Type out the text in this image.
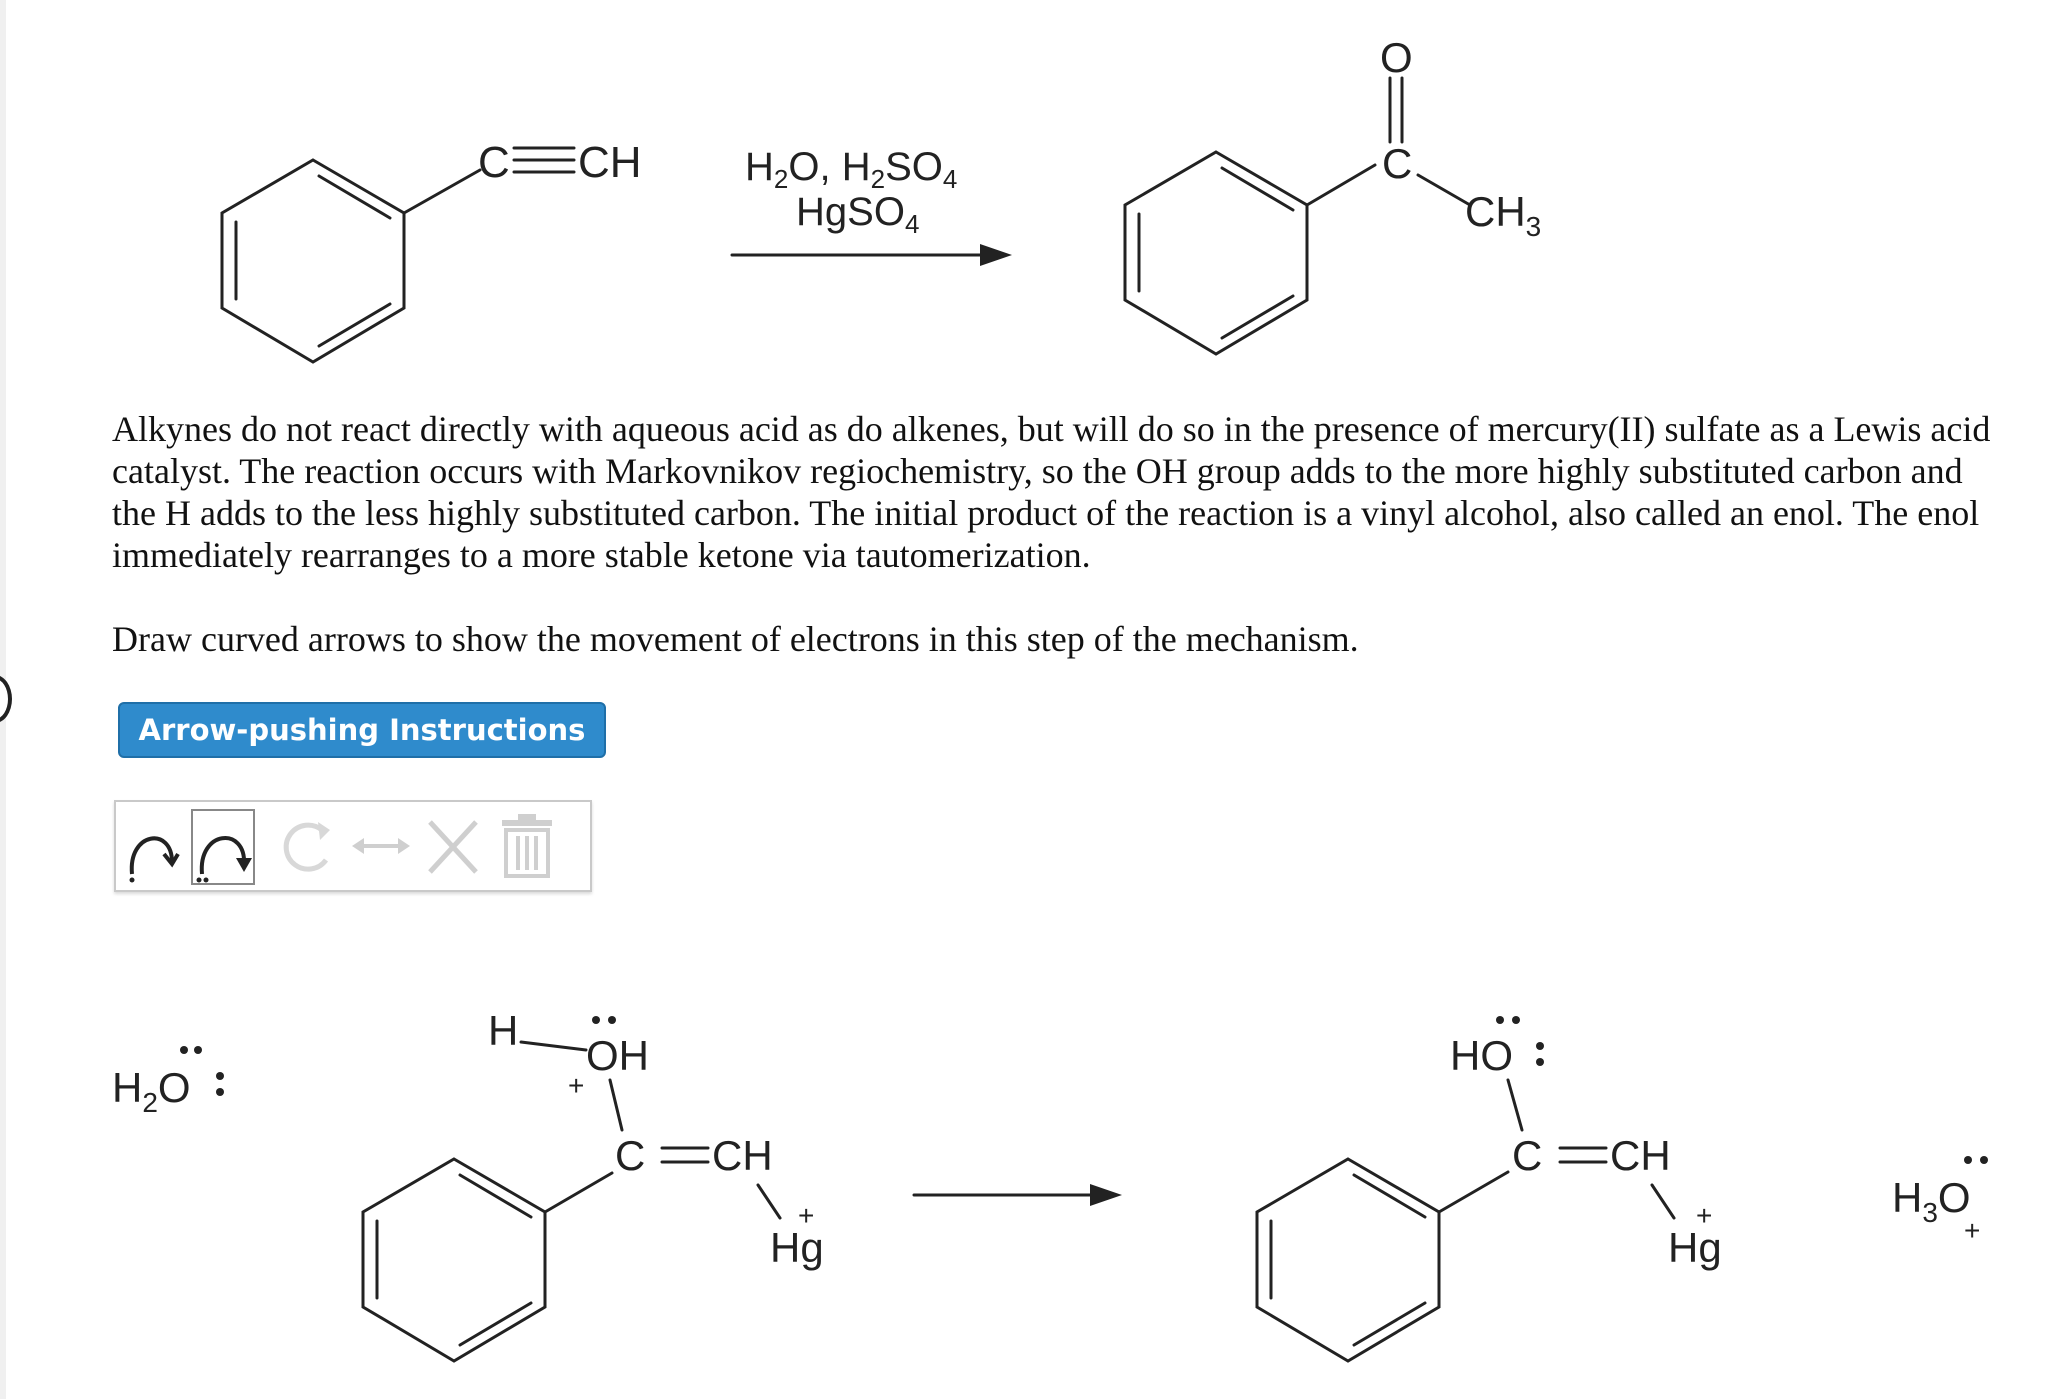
C CH	$H_2O$, $H_2SO_4$
HgSO$_4$
O
C
$CH_3$
$H_2O$
H
OH
+
C CH
Hg
+
HO
C CH
Hg
+	$H_3O$
+

Alkynes do not react directly with aqueous acid as do alkenes, but will do so in the presence of mercury(II) sulfate as a Lewis acid catalyst. The reaction occurs with Markovnikov regiochemistry, so the OH group adds to the more highly substituted carbon and the H adds to the less highly substituted carbon. The initial product of the reaction is a vinyl alcohol, also called an enol. The enol immediately rearranges to a more stable ketone via tautomerization.

Draw curved arrows to show the movement of electrons in this step of the mechanism.

Arrow-pushing Instructions
